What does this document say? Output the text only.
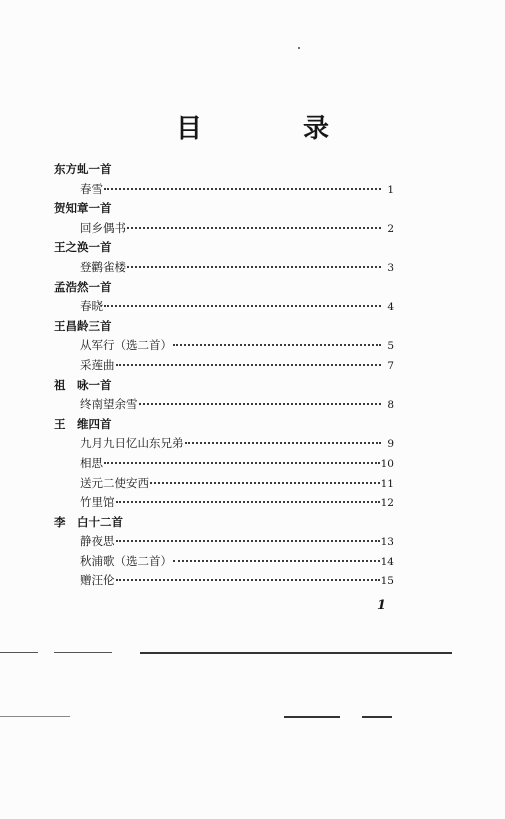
目 录
东方虬一首
春雪	1
贺知章一首
回乡偶书	2
王之涣一首
登鹳雀楼	3
孟浩然一首
春晓	4
王昌龄三首
从军行（选二首）	5
采莲曲	7
祖　咏一首
终南望余雪	8
王　维四首
九月九日忆山东兄弟	9
相思	10
送元二使安西	11
竹里馆	12
李　白十二首
静夜思	13
秋浦歌（选二首）	14
赠汪伦	15
1
